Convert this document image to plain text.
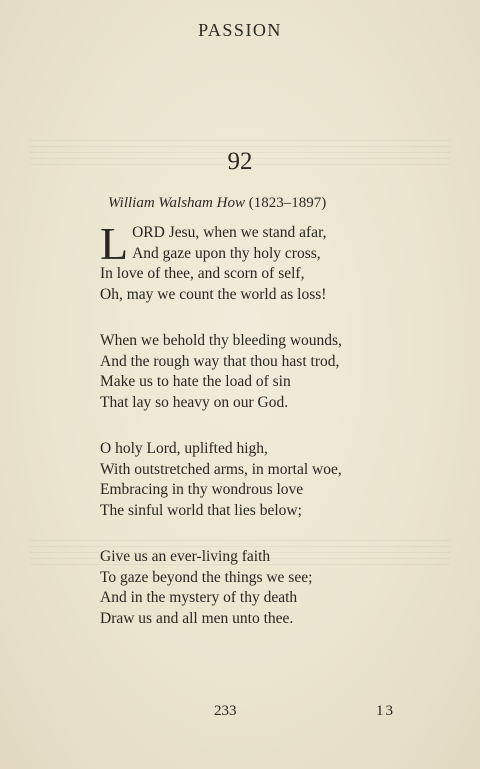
PASSION
92
William Walsham How (1823–1897)
L ORD Jesu, when we stand afar,
And gaze upon thy holy cross,
In love of thee, and scorn of self,
Oh, may we count the world as loss!
When we behold thy bleeding wounds,
And the rough way that thou hast trod,
Make us to hate the load of sin
That lay so heavy on our God.
O holy Lord, uplifted high,
With outstretched arms, in mortal woe,
Embracing in thy wondrous love
The sinful world that lies below;
Give us an ever-living faith
To gaze beyond the things we see;
And in the mystery of thy death
Draw us and all men unto thee.
233	13
